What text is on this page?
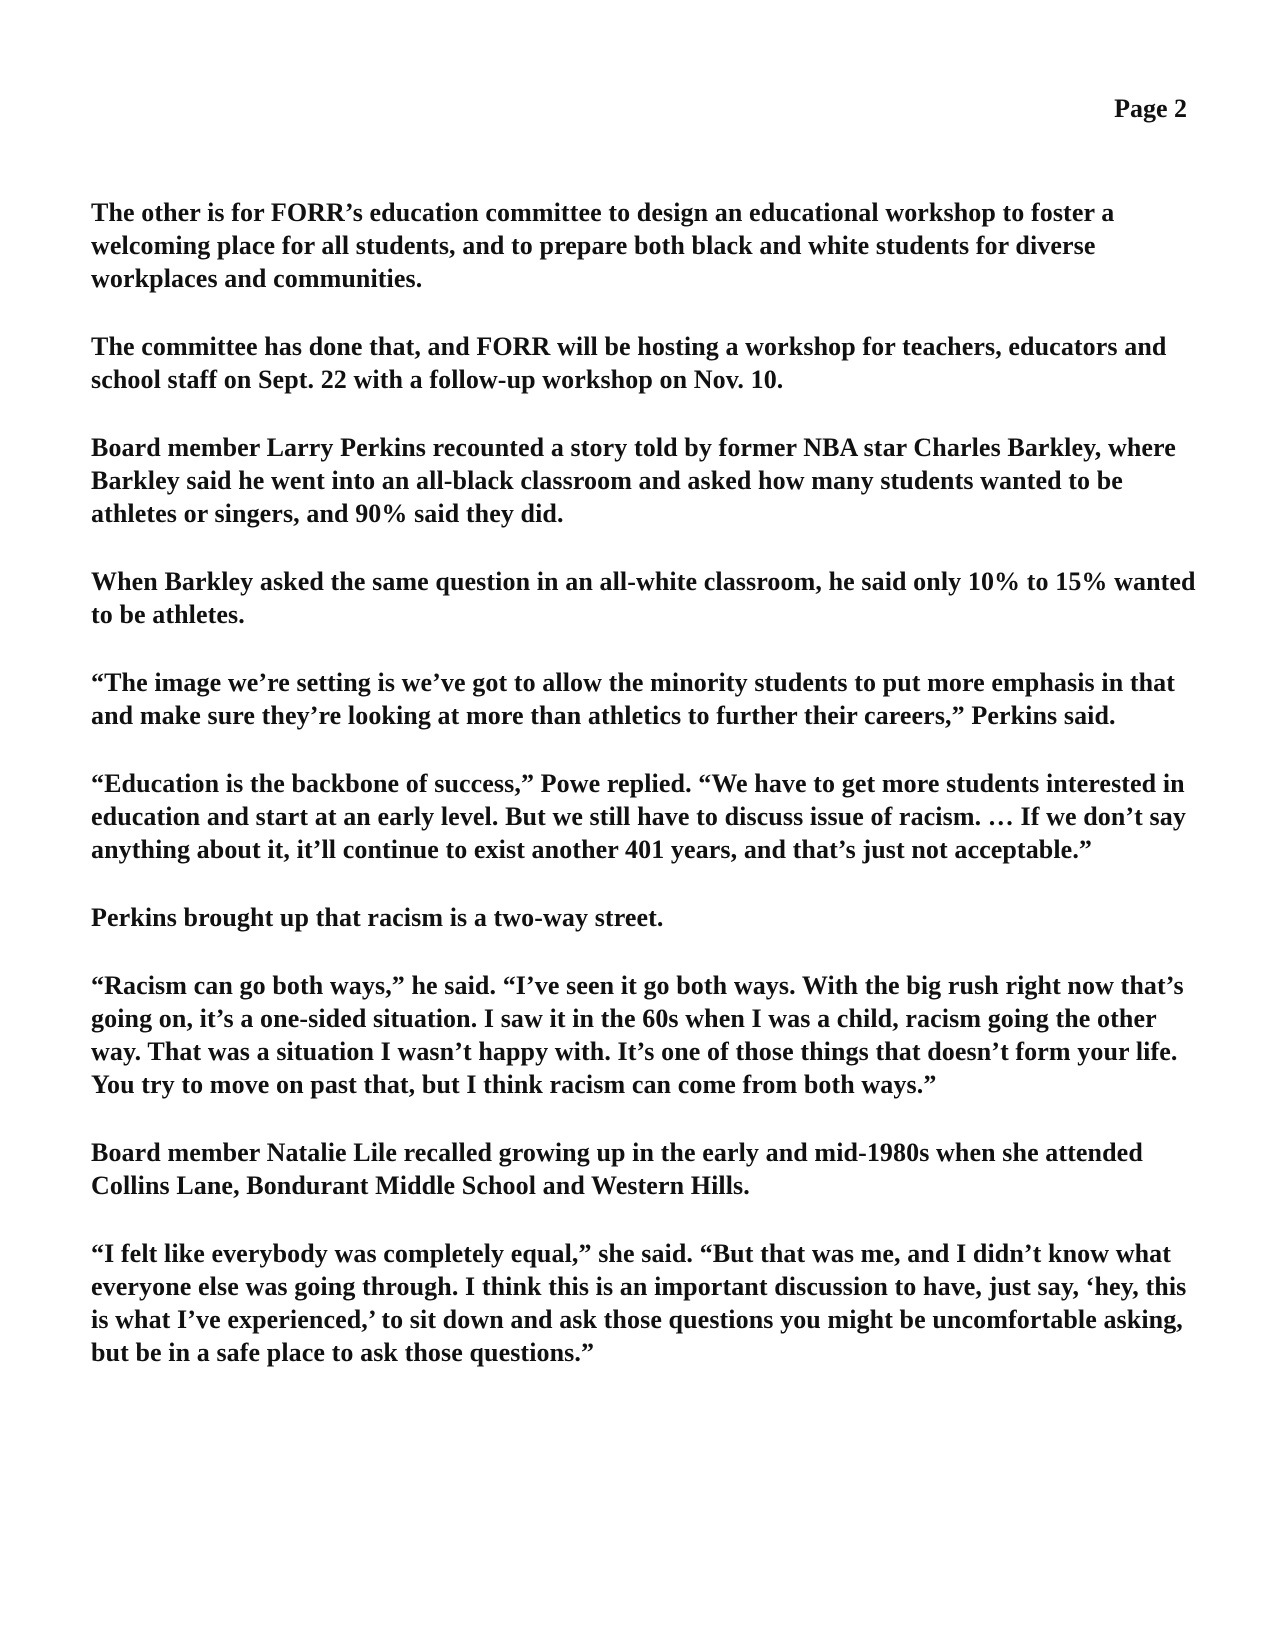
Page 2

The other is for FORR’s education committee to design an educational workshop to foster a welcoming place for all students, and to prepare both black and white students for diverse workplaces and communities.

The committee has done that, and FORR will be hosting a workshop for teachers, educators and school staff on Sept. 22 with a follow-up workshop on Nov. 10.

Board member Larry Perkins recounted a story told by former NBA star Charles Barkley, where Barkley said he went into an all-black classroom and asked how many students wanted to be athletes or singers, and 90% said they did.

When Barkley asked the same question in an all-white classroom, he said only 10% to 15% wanted to be athletes.

“The image we’re setting is we’ve got to allow the minority students to put more emphasis in that and make sure they’re looking at more than athletics to further their careers,” Perkins said.

“Education is the backbone of success,” Powe replied. “We have to get more students interested in education and start at an early level. But we still have to discuss issue of racism. … If we don’t say anything about it, it’ll continue to exist another 401 years, and that’s just not acceptable.”

Perkins brought up that racism is a two-way street.

“Racism can go both ways,” he said. “I’ve seen it go both ways. With the big rush right now that’s going on, it’s a one-sided situation. I saw it in the 60s when I was a child, racism going the other way. That was a situation I wasn’t happy with. It’s one of those things that doesn’t form your life. You try to move on past that, but I think racism can come from both ways.”

Board member Natalie Lile recalled growing up in the early and mid-1980s when she attended Collins Lane, Bondurant Middle School and Western Hills.

“I felt like everybody was completely equal,” she said. “But that was me, and I didn’t know what everyone else was going through. I think this is an important discussion to have, just say, ‘hey, this is what I’ve experienced,’ to sit down and ask those questions you might be uncomfortable asking, but be in a safe place to ask those questions.”
